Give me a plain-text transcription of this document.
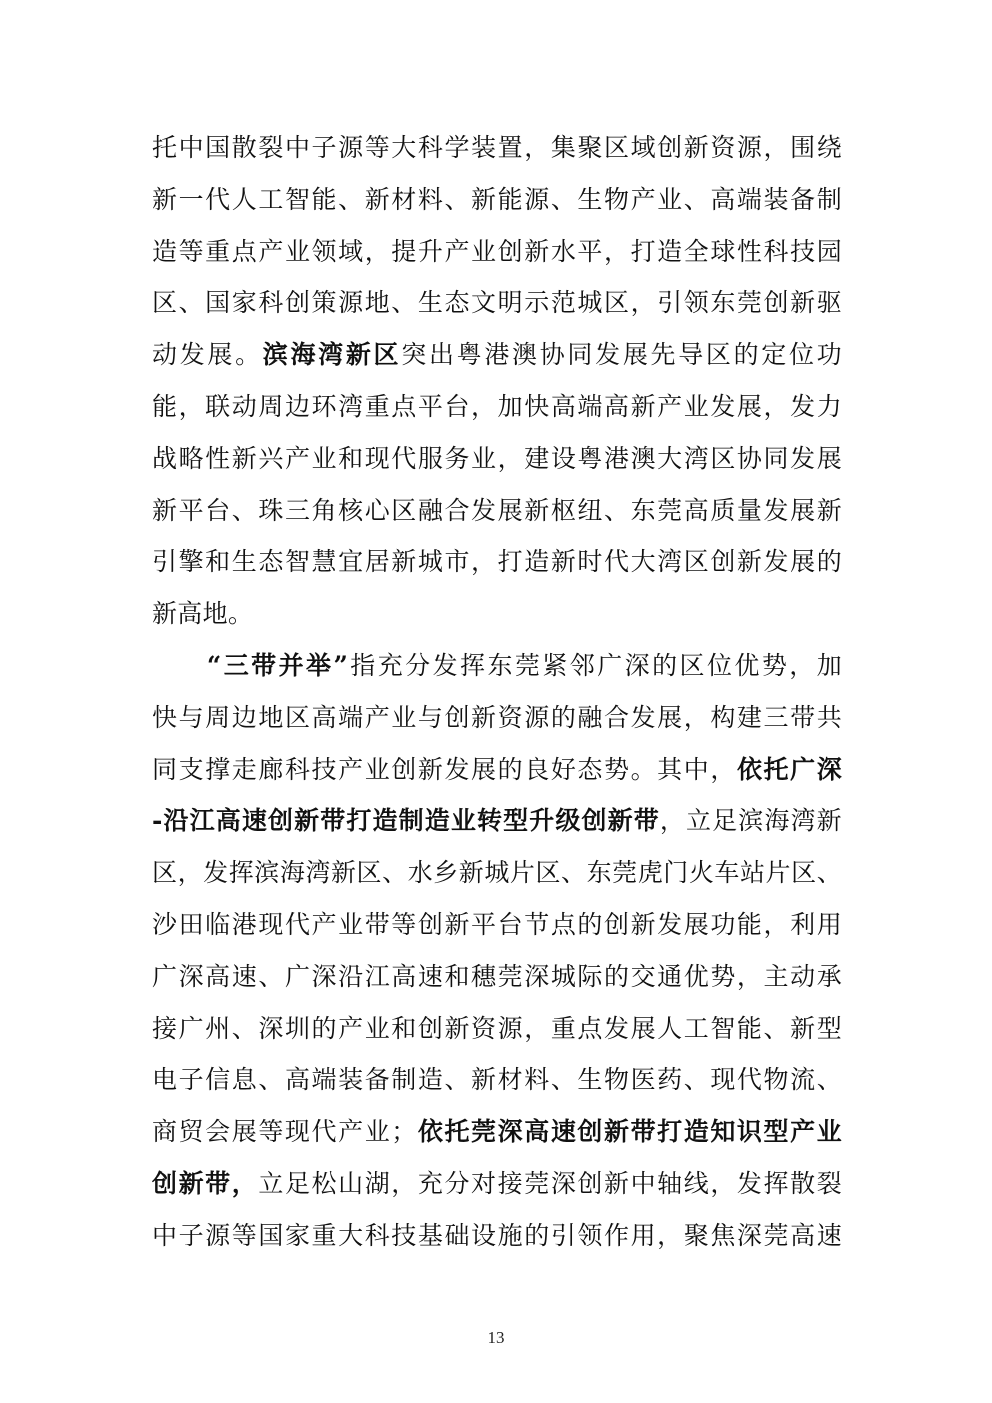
托中国散裂中子源等大科学装置，集聚区域创新资源，围绕
新一代人工智能、新材料、新能源、生物产业、高端装备制
造等重点产业领域，提升产业创新水平，打造全球性科技园
区、国家科创策源地、生态文明示范城区，引领东莞创新驱
动发展。滨海湾新区突出粤港澳协同发展先导区的定位功
能，联动周边环湾重点平台，加快高端高新产业发展，发力
战略性新兴产业和现代服务业，建设粤港澳大湾区协同发展
新平台、珠三角核心区融合发展新枢纽、东莞高质量发展新
引擎和生态智慧宜居新城市，打造新时代大湾区创新发展的
新高地。
　　“三带并举”指充分发挥东莞紧邻广深的区位优势，加
快与周边地区高端产业与创新资源的融合发展，构建三带共
同支撑走廊科技产业创新发展的良好态势。其中，依托广深
-沿江高速创新带打造制造业转型升级创新带，立足滨海湾新
区，发挥滨海湾新区、水乡新城片区、东莞虎门火车站片区、
沙田临港现代产业带等创新平台节点的创新发展功能，利用
广深高速、广深沿江高速和穗莞深城际的交通优势，主动承
接广州、深圳的产业和创新资源，重点发展人工智能、新型
电子信息、高端装备制造、新材料、生物医药、现代物流、
商贸会展等现代产业；依托莞深高速创新带打造知识型产业
创新带，立足松山湖，充分对接莞深创新中轴线，发挥散裂
中子源等国家重大科技基础设施的引领作用，聚焦深莞高速
13
